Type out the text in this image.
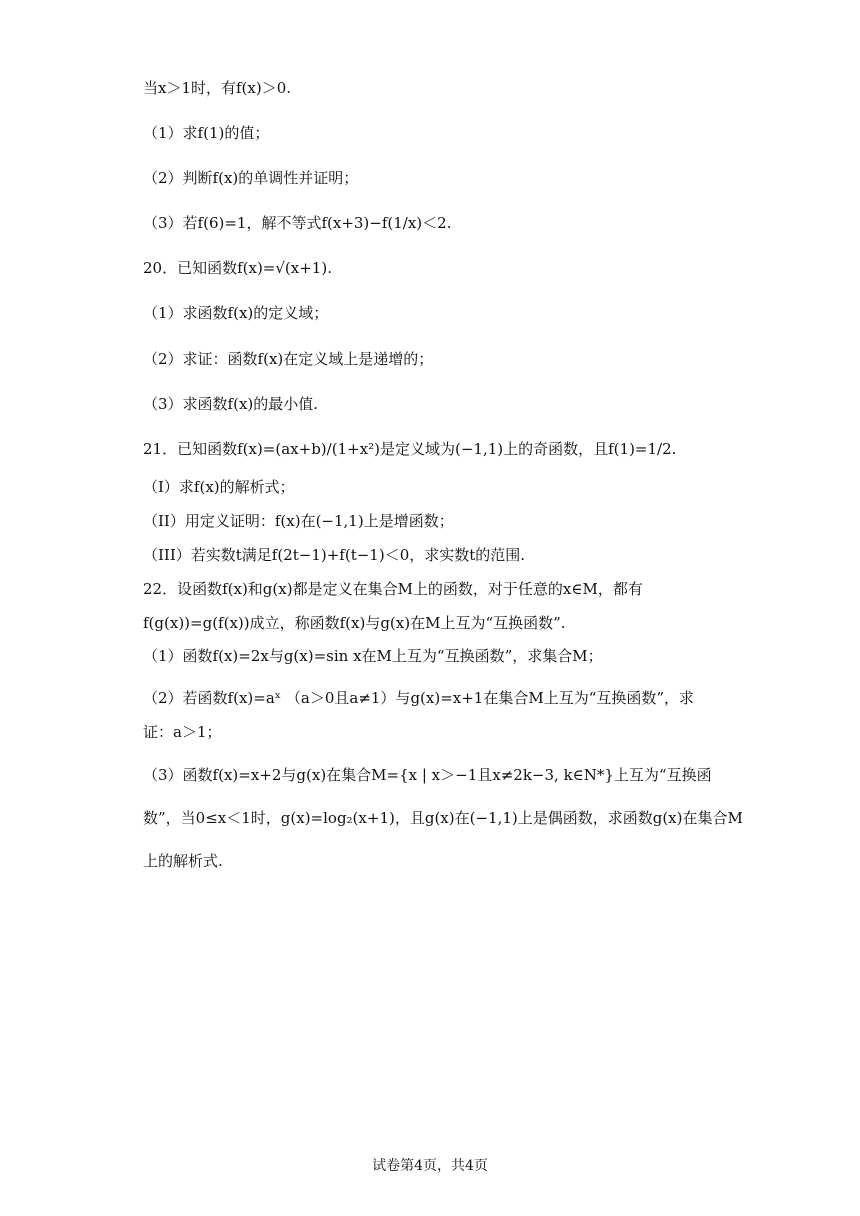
当x＞1时，有f(x)＞0.
（1）求f(1)的值；
（2）判断f(x)的单调性并证明；
（3）若f(6)=1，解不等式f(x+3)−f(1/x)＜2.
20．已知函数f(x)=√(x+1).
（1）求函数f(x)的定义域；
（2）求证：函数f(x)在定义域上是递增的；
（3）求函数f(x)的最小值.
21．已知函数f(x)=(ax+b)/(1+x²)是定义域为(−1,1)上的奇函数，且f(1)=1/2.
（I）求f(x)的解析式；
（II）用定义证明：f(x)在(−1,1)上是增函数；
（III）若实数t满足f(2t−1)+f(t−1)＜0，求实数t的范围.
22．设函数f(x)和g(x)都是定义在集合M上的函数，对于任意的x∈M，都有
f(g(x))=g(f(x))成立，称函数f(x)与g(x)在M上互为“互换函数”.
（1）函数f(x)=2x与g(x)=sin x在M上互为“互换函数”，求集合M；
（2）若函数f(x)=aˣ （a＞0且a≠1）与g(x)=x+1在集合M上互为“互换函数”，求
证：a＞1；
（3）函数f(x)=x+2与g(x)在集合M={x | x＞−1且x≠2k−3, k∈N*}上互为“互换函
数”，当0≤x＜1时，g(x)=log₂(x+1)，且g(x)在(−1,1)上是偶函数，求函数g(x)在集合M
上的解析式.
试卷第4页，共4页
